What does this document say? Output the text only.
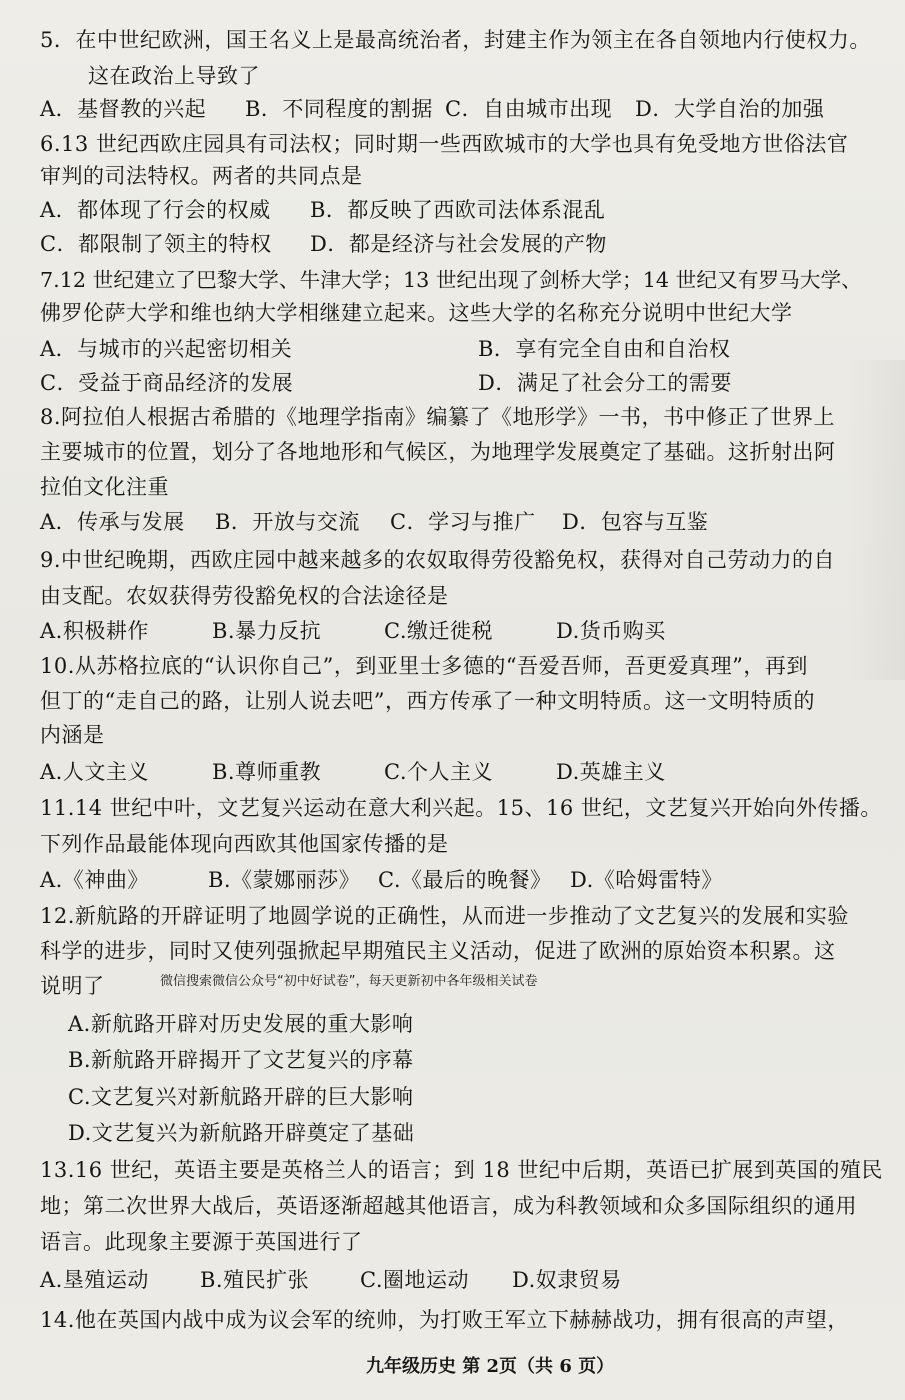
5．在中世纪欧洲，国王名义上是最高统治者，封建主作为领主在各自领地内行使权力。
这在政治上导致了
A．基督教的兴起 B．不同程度的割据 C．自由城市出现 D．大学自治的加强
6.13 世纪西欧庄园具有司法权；同时期一些西欧城市的大学也具有免受地方世俗法官
审判的司法特权。两者的共同点是
A．都体现了行会的权威 B．都反映了西欧司法体系混乱
C．都限制了领主的特权 D．都是经济与社会发展的产物
7.12 世纪建立了巴黎大学、牛津大学；13 世纪出现了剑桥大学；14 世纪又有罗马大学、
佛罗伦萨大学和维也纳大学相继建立起来。这些大学的名称充分说明中世纪大学
A．与城市的兴起密切相关	B．享有完全自由和自治权
C．受益于商品经济的发展	D．满足了社会分工的需要
8.阿拉伯人根据古希腊的《地理学指南》编纂了《地形学》一书，书中修正了世界上
主要城市的位置，划分了各地地形和气候区，为地理学发展奠定了基础。这折射出阿
拉伯文化注重
A．传承与发展 B．开放与交流 C．学习与推广 D．包容与互鉴
9.中世纪晚期，西欧庄园中越来越多的农奴取得劳役豁免权，获得对自己劳动力的自
由支配。农奴获得劳役豁免权的合法途径是
A.积极耕作	B.暴力反抗	C.缴迁徙税	D.货币购买
10.从苏格拉底的“认识你自己”，到亚里士多德的“吾爱吾师，吾更爱真理”，再到
但丁的“走自己的路，让别人说去吧”，西方传承了一种文明特质。这一文明特质的
内涵是
A.人文主义	B.尊师重教	C.个人主义	D.英雄主义
11.14 世纪中叶，文艺复兴运动在意大利兴起。15、16 世纪，文艺复兴开始向外传播。
下列作品最能体现向西欧其他国家传播的是
A.《神曲》	B.《蒙娜丽莎》 C.《最后的晚餐》 D.《哈姆雷特》
12.新航路的开辟证明了地圆学说的正确性，从而进一步推动了文艺复兴的发展和实验
科学的进步，同时又使列强掀起早期殖民主义活动，促进了欧洲的原始资本积累。这
说明了	微信搜索微信公众号“初中好试卷”，每天更新初中各年级相关试卷
A.新航路开辟对历史发展的重大影响
B.新航路开辟揭开了文艺复兴的序幕
C.文艺复兴对新航路开辟的巨大影响
D.文艺复兴为新航路开辟奠定了基础
13.16 世纪，英语主要是英格兰人的语言；到 18 世纪中后期，英语已扩展到英国的殖民
地；第二次世界大战后，英语逐渐超越其他语言，成为科教领域和众多国际组织的通用
语言。此现象主要源于英国进行了
A.垦殖运动 B.殖民扩张 C.圈地运动 D.奴隶贸易
14.他在英国内战中成为议会军的统帅，为打败王军立下赫赫战功，拥有很高的声望，
九年级历史 第 2页（共 6 页）
